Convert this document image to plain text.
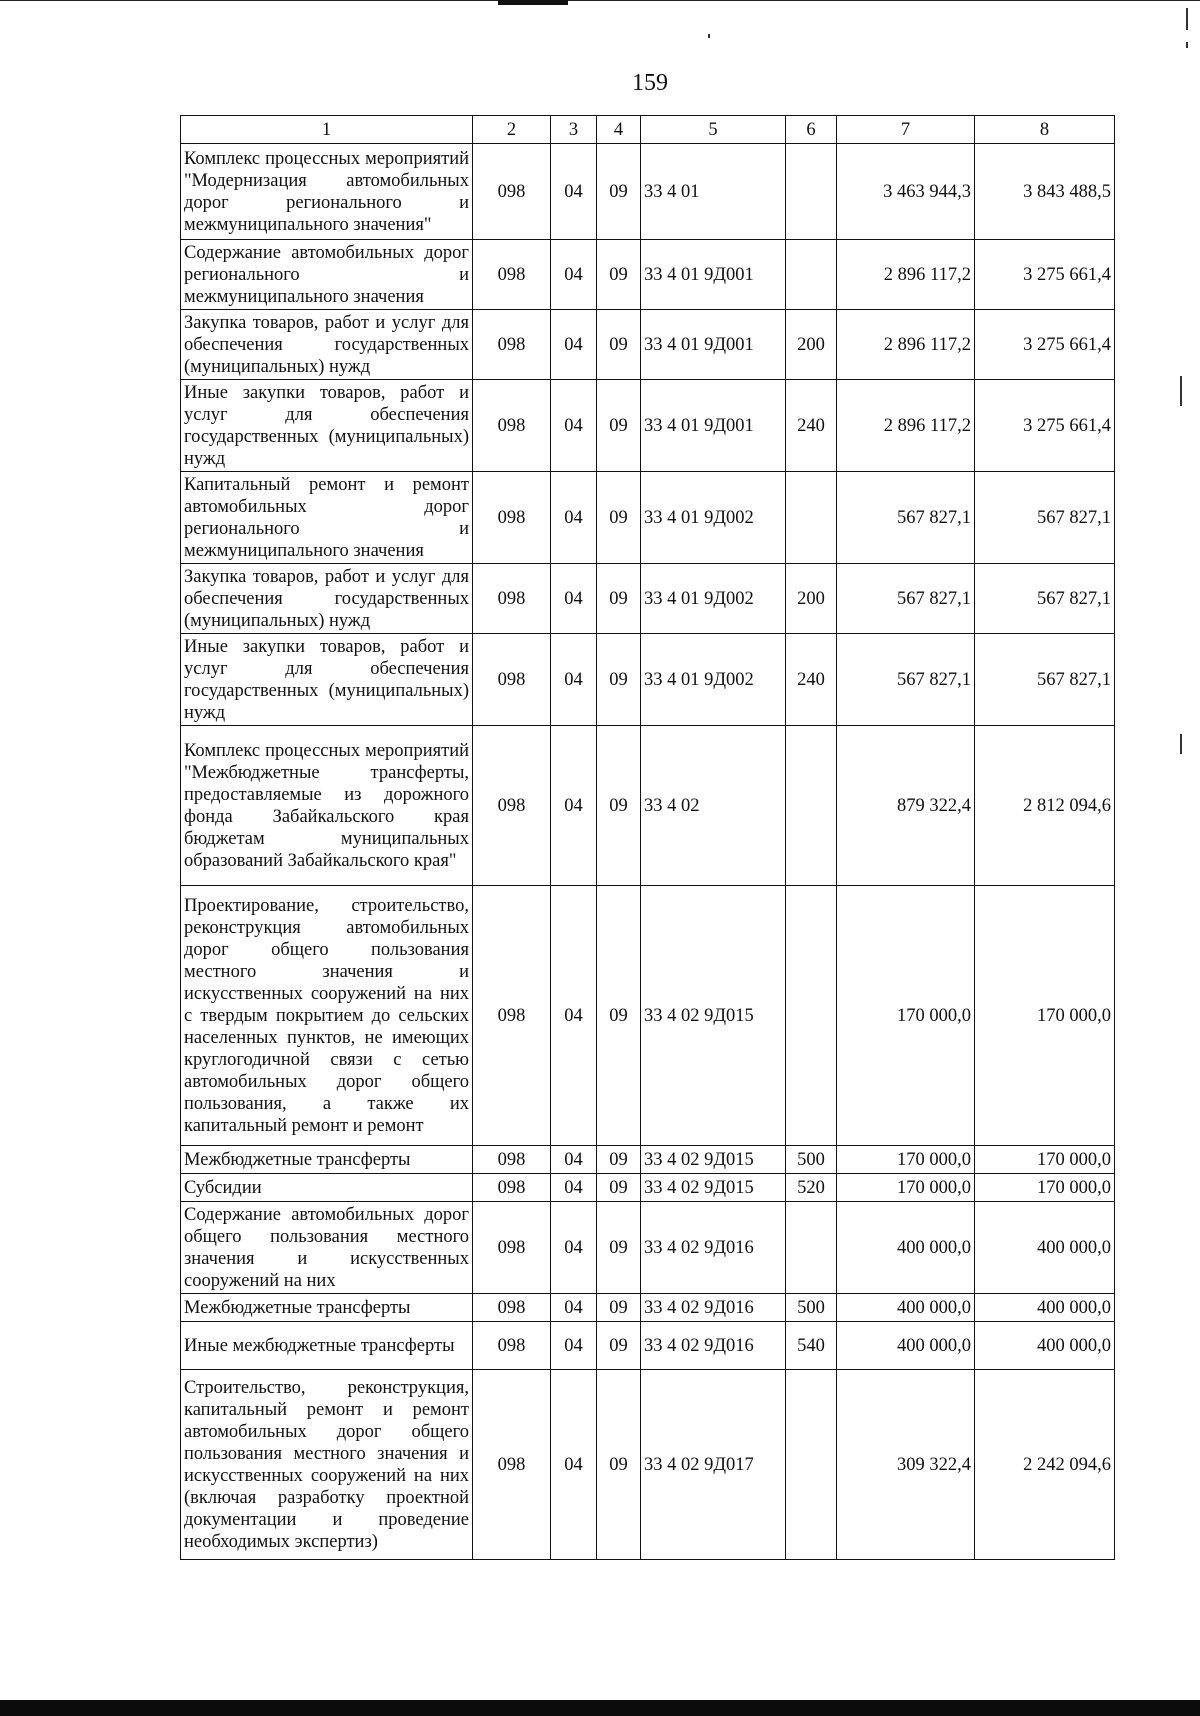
159
1	2	3	4	5	6	7	8
Комплекс процессных мероприятий "Модернизация автомобильных дорог регионального и межмуниципального значения"	098	04	09	33 4 01		3 463 944,3	3 843 488,5
Содержание автомобильных дорог регионального и межмуниципального значения	098	04	09	33 4 01 9Д001		2 896 117,2	3 275 661,4
Закупка товаров, работ и услуг для обеспечения государственных (муниципальных) нужд	098	04	09	33 4 01 9Д001	200	2 896 117,2	3 275 661,4
Иные закупки товаров, работ и услуг для обеспечения государственных (муниципальных) нужд	098	04	09	33 4 01 9Д001	240	2 896 117,2	3 275 661,4
Капитальный ремонт и ремонт автомобильных дорог регионального и межмуниципального значения	098	04	09	33 4 01 9Д002		567 827,1	567 827,1
Закупка товаров, работ и услуг для обеспечения государственных (муниципальных) нужд	098	04	09	33 4 01 9Д002	200	567 827,1	567 827,1
Иные закупки товаров, работ и услуг для обеспечения государственных (муниципальных) нужд	098	04	09	33 4 01 9Д002	240	567 827,1	567 827,1
Комплекс процессных мероприятий "Межбюджетные трансферты, предоставляемые из дорожного фонда Забайкальского края бюджетам муниципальных образований Забайкальского края"	098	04	09	33 4 02		879 322,4	2 812 094,6
Проектирование, строительство, реконструкция автомобильных дорог общего пользования местного значения и искусственных сооружений на них с твердым покрытием до сельских населенных пунктов, не имеющих круглогодичной связи с сетью автомобильных дорог общего пользования, а также их капитальный ремонт и ремонт	098	04	09	33 4 02 9Д015		170 000,0	170 000,0
Межбюджетные трансферты	098	04	09	33 4 02 9Д015	500	170 000,0	170 000,0
Субсидии	098	04	09	33 4 02 9Д015	520	170 000,0	170 000,0
Содержание автомобильных дорог общего пользования местного значения и искусственных сооружений на них	098	04	09	33 4 02 9Д016		400 000,0	400 000,0
Межбюджетные трансферты	098	04	09	33 4 02 9Д016	500	400 000,0	400 000,0
Иные межбюджетные трансферты	098	04	09	33 4 02 9Д016	540	400 000,0	400 000,0
Строительство, реконструкция, капитальный ремонт и ремонт автомобильных дорог общего пользования местного значения и искусственных сооружений на них (включая разработку проектной документации и проведение необходимых экспертиз)	098	04	09	33 4 02 9Д017		309 322,4	2 242 094,6
